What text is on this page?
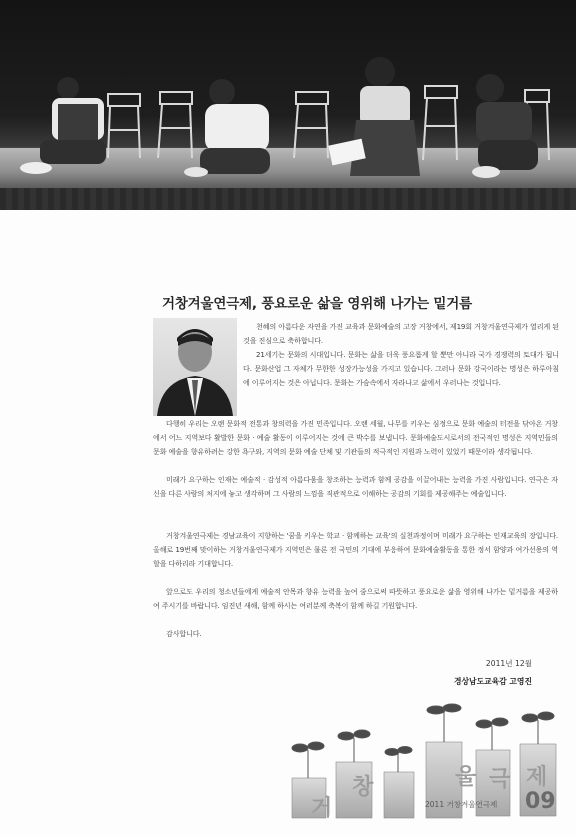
거창겨울연극제, 풍요로운 삶을 영위해 나가는 밑거름
천혜의 아름다운 자연을 가진 교육과 문화예술의 고장 거창에서, 제19회 거창겨울연극제가 열리게 된 것을 진심으로 축하합니다.
21세기는 문화의 시대입니다. 문화는 삶을 더욱 풍요롭게 할 뿐만 아니라 국가 경쟁력의 토대가 됩니다. 문화산업 그 자체가 무한한 성장가능성을 가지고 있습니다. 그러나 문화 강국이라는 명성은 하루아침에 이루어지는 것은 아닙니다. 문화는 가슴속에서 자라나고 삶에서 우러나는 것입니다.
다행히 우리는 오랜 문화적 전통과 창의력을 가진 민족입니다. 오랜 세월, 나무를 키우는 심정으로 문화 예술의 터전을 닦아온 거창에서 어느 지역보다 활발한 문화 · 예술 활동이 이루어지는 것에 큰 박수를 보냅니다. 문화예술도시로서의 전국적인 명성은 지역민들의 문화 예술을 향유하려는 강한 욕구와, 지역의 문화 예술 단체 및 기관들의 적극적인 지원과 노력이 있었기 때문이라 생각됩니다.
미래가 요구하는 인재는 예술적 · 감성적 아름다움을 창조하는 능력과 함께 공감을 이끌어내는 능력을 가진 사람입니다. 연극은 자신을 다른 사람의 처지에 놓고 생각하며 그 사람의 느낌을 직관적으로 이해하는 공감의 기회를 제공해주는 예술입니다.
거창겨울연극제는 경남교육이 지향하는 '꿈을 키우는 학교 · 함께하는 교육'의 실천과정이며 미래가 요구하는 인재교육의 장입니다. 올해로 19번째 맞이하는 거창겨울연극제가 지역민은 물론 전 국민의 기대에 부응하여 문화예술활동을 통한 정서 함양과 여가선용의 역할을 다하리라 기대합니다.
앞으로도 우리의 청소년들에게 예술적 안목과 향유 능력을 높여 줌으로써 따뜻하고 풍요로운 삶을 영위해 나가는 밑거름을 제공하여 주시기를 바랍니다. 임진년 새해, 함께 하시는 여러분께 축복이 함께 하길 기원합니다.
감사합니다.
2011년 12월
경상남도교육감 고영진
거
창	울 극 제
2011 거창겨울연극제 09
